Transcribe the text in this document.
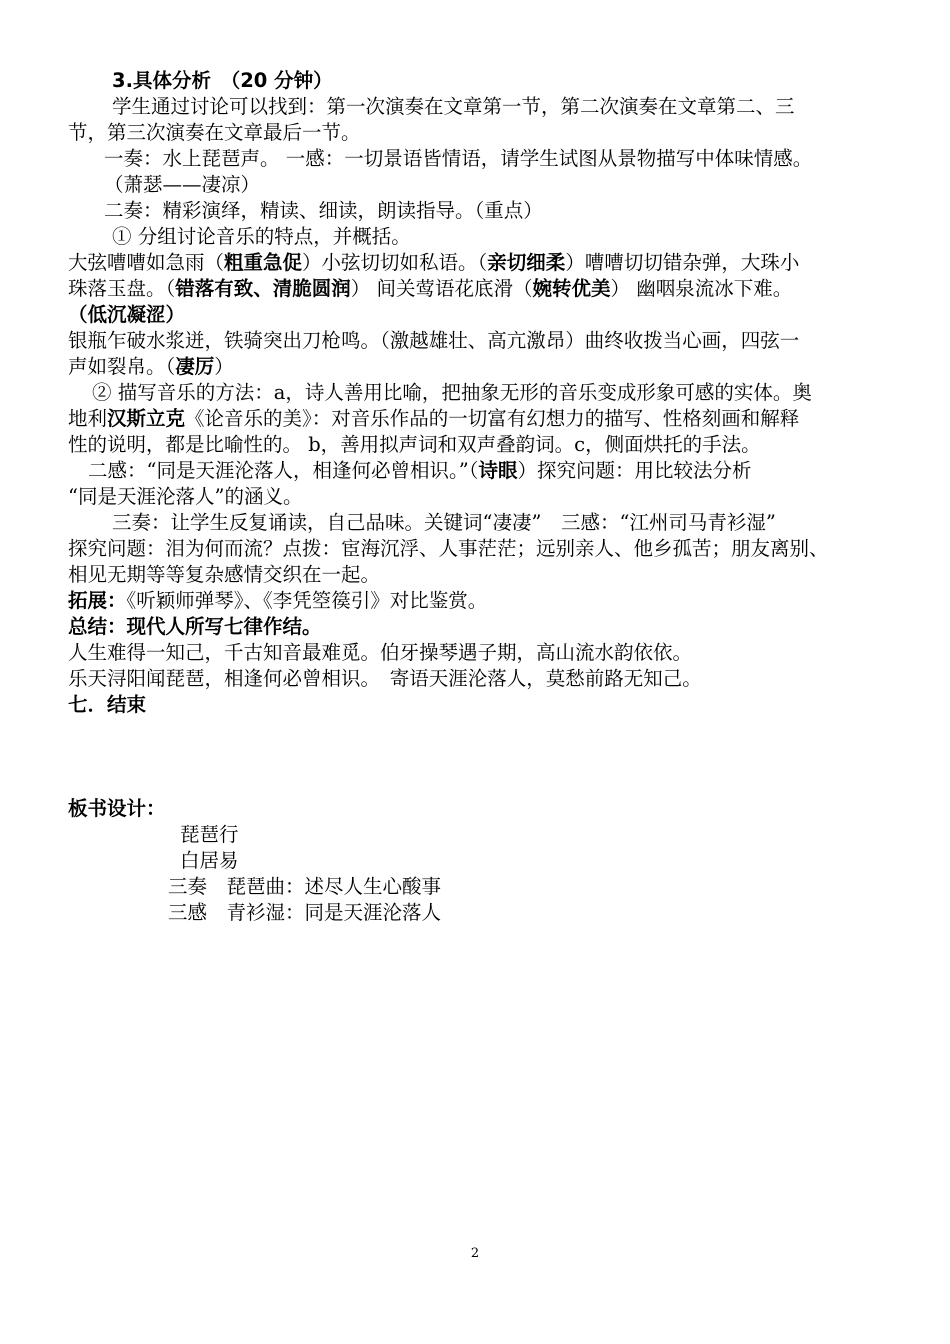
3.具体分析　（20 分钟）
学生通过讨论可以找到：第一次演奏在文章第一节，第二次演奏在文章第二、三
节，第三次演奏在文章最后一节。
一奏：水上琵琶声。 一感：一切景语皆情语，请学生试图从景物描写中体味情感。
（萧瑟——凄凉）
二奏：精彩演绎，精读、细读，朗读指导。（重点）
① 分组讨论音乐的特点，并概括。
大弦嘈嘈如急雨（粗重急促）小弦切切如私语。（亲切细柔）嘈嘈切切错杂弹，大珠小
珠落玉盘。（错落有致、清脆圆润） 间关莺语花底滑（婉转优美） 幽咽泉流冰下难。
（低沉凝涩）
银瓶乍破水浆迸，铁骑突出刀枪鸣。（激越雄壮、高亢激昂）曲终收拨当心画，四弦一
声如裂帛。（凄厉）
② 描写音乐的方法：a，诗人善用比喻，把抽象无形的音乐变成形象可感的实体。奥
地利汉斯立克《论音乐的美》：对音乐作品的一切富有幻想力的描写、性格刻画和解释
性的说明，都是比喻性的。 b，善用拟声词和双声叠韵词。c，侧面烘托的手法。
二感：“同是天涯沦落人，相逢何必曾相识。”（诗眼）探究问题：用比较法分析
“同是天涯沦落人”的涵义。
三奏：让学生反复诵读，自己品味。关键词“凄凄”　三感：“江州司马青衫湿”
探究问题：泪为何而流？点拨：宦海沉浮、人事茫茫；远别亲人、他乡孤苦；朋友离别、
相见无期等等复杂感情交织在一起。
拓展：《听颖师弹琴》、《李凭箜篌引》对比鉴赏。
总结：现代人所写七律作结。
人生难得一知己，千古知音最难觅。伯牙操琴遇子期，高山流水韵依依。
乐天浔阳闻琵琶，相逢何必曾相识。　寄语天涯沦落人，莫愁前路无知己。
七．结束
板书设计：
琵琶行
白居易
三奏　琵琶曲：述尽人生心酸事
三感　青衫湿：同是天涯沦落人
2
